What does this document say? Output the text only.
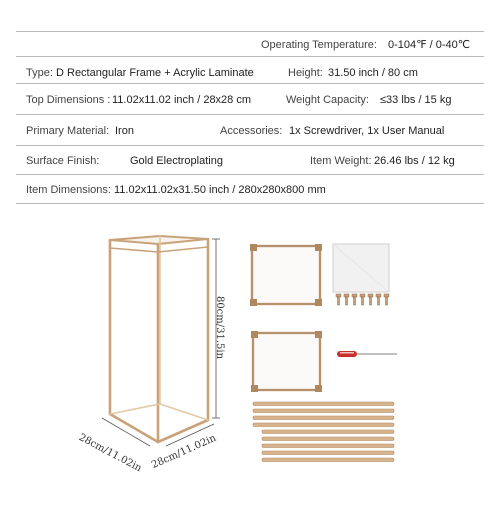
Operating Temperature: 0-104℉ / 0-40℃
Type: D Rectangular Frame + Acrylic Laminate	Height: 31.50 inch / 80 cm
Top Dimensions : 11.02x11.02 inch / 28x28 cm	Weight Capacity: ≤33 lbs / 15 kg
Primary Material: Iron	Accessories: 1x Screwdriver, 1x User Manual
Surface Finish:	Gold Electroplating	Item Weight: 26.46 lbs / 12 kg
Item Dimensions: 11.02x11.02x31.50 inch / 280x280x800 mm
80cm/31.5in
28cm/11.02in 28cm/11.02in
